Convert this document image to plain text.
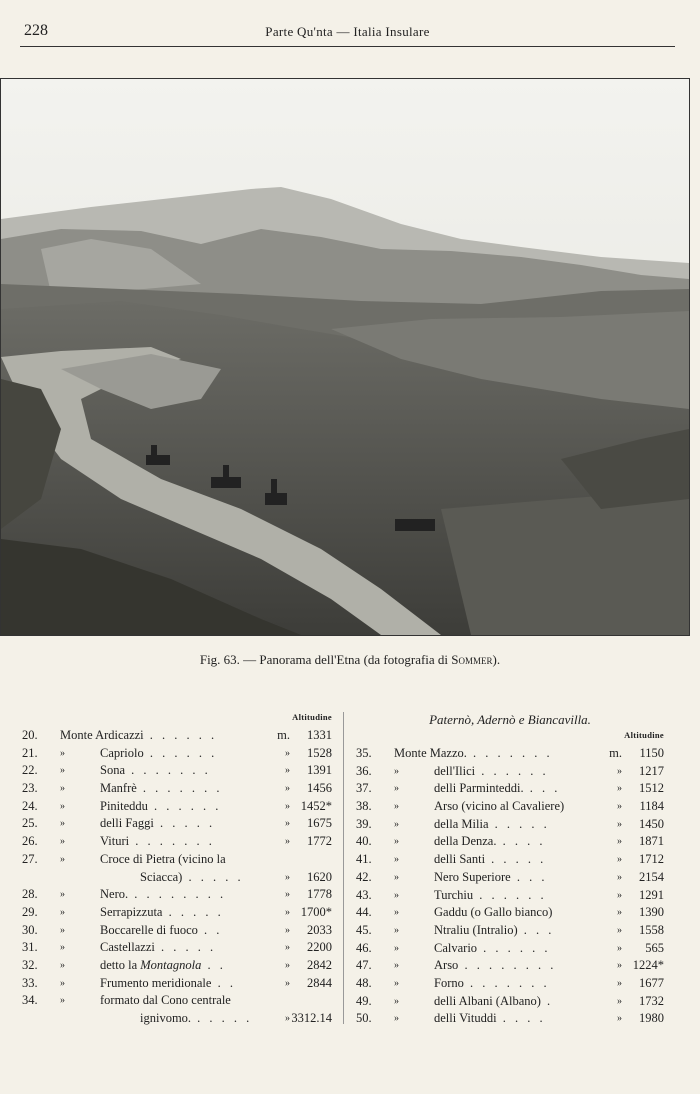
228	Parte Qu'nta — Italia Insulare
Fig. 63. — Panorama dell'Etna (da fotografia di Sommer).
Altitudine
20. Monte Ardicazzi . . . . . .	m. 1331
21. »	Capriolo . . . . . .	» 1528
22. »	Sona . . . . . . .	» 1391
23. »	Manfrè . . . . . . .	» 1456
24. »	Piniteddu . . . . . .	» 1452*
25. »	delli Faggi . . . . .	» 1675
26. »	Vituri . . . . . . .	» 1772
27. »	Croce di Pietra (vicino la
Sciacca) . . . . .	» 1620
28. »	Nero. . . . . . . . .	» 1778
29. »	Serrapizzuta . . . . .	» 1700*
30. »	Boccarelle di fuoco . .	» 2033
31. »	Castellazzi . . . . .	» 2200
32. »	detto la Montagnola . .	» 2842
33. »	Frumento meridionale . .	» 2844
34. »	formato dal Cono centrale
ignivomo. . . . . .	» 3312.14
Paternò, Adernò e Biancavilla.
Altitudine
35. Monte Mazzo. . . . . . . .	m. 1150
36. »	dell'Ilici . . . . . .	» 1217
37. »	delli Parminteddi. . . .	» 1512
38. »	Arso (vicino al Cavaliere)	» 1184
39. »	della Milia . . . . .	» 1450
40. »	della Denza. . . . .	» 1871
41. »	delli Santi . . . . .	» 1712
42. »	Nero Superiore . . .	» 2154
43. »	Turchiu . . . . . .	» 1291
44. »	Gaddu (o Gallo bianco)	» 1390
45. »	Ntraliu (Intralio) . . .	» 1558
46. »	Calvario . . . . . .	» 565
47. »	Arso . . . . . . . .	» 1224*
48. »	Forno . . . . . . .	» 1677
49. »	delli Albani (Albano) .	» 1732
50. »	delli Vituddi . . . .	» 1980
